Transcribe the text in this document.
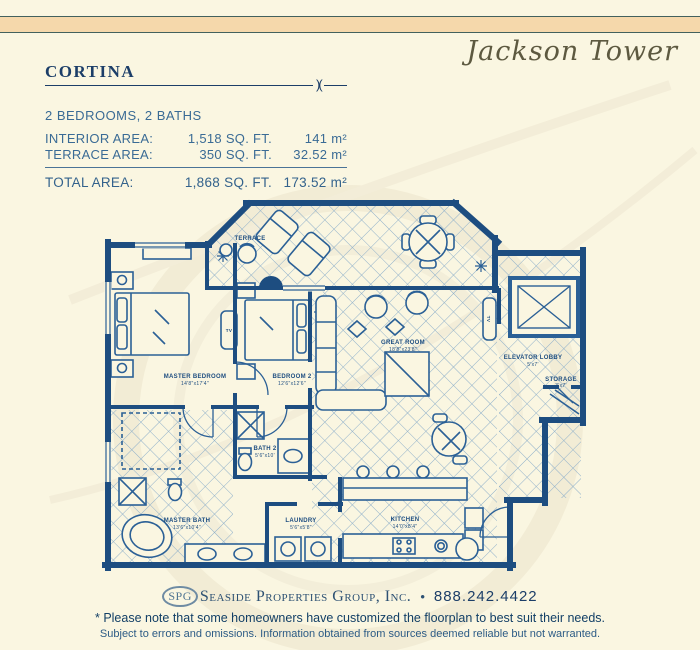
Jackson Tower
CORTINA
)(
2 BEDROOMS, 2 BATHS
INTERIOR AREA:	1,518 SQ. FT.	141 m²
TERRACE AREA:	350 SQ. FT.	32.52 m²
TOTAL AREA:	1,868 SQ. FT. 173.52 m²
TERRACE
MASTER BEDROOM
14'8"x17'4"
BEDROOM 2
12'6"x12'6"
GREAT ROOM
18'8"x23'8"
TV
TV
ELEVATOR LOBBY
5'x7'
STORAGE
3'x7'
MASTER BATH
13'6"x10'4"
BATH 2
5'6"x10'
LAUNDRY
5'6"x5'8"
KITCHEN
14'0"x8'4"
SPG Seaside Properties Group, Inc. • 888.242.4422
* Please note that some homeowners have customized the floorplan to best suit their needs.
Subject to errors and omissions. Information obtained from sources deemed reliable but not warranted.
